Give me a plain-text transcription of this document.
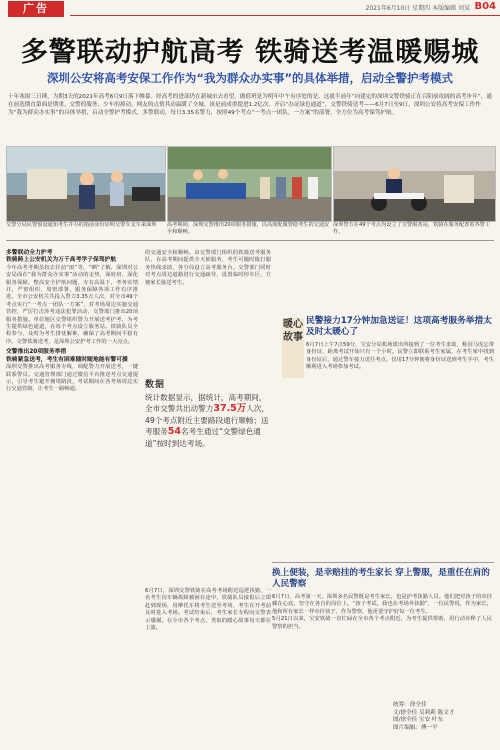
广告	2021年6月10日 星期四 本版编辑 刘某 B04
多警联动护航高考 铁骑送考温暖赐城
深圳公安将高考安保工作作为“我为群众办实事”的具体举措，启动全警护考模式
十年寒窗三日锤，为期3天的2021年高考6月9日落下帷幕。经高考的进部仍在新城市去看望。做值班是为明年中午有序处的是，这就半前年“向建定的深圳交警铁骑正在召阳前攻阔的高考步年”，通在前选期直第面是期重，交警的服务，少车的掉动，网友的点情其动温暖了全城。该是前成重提进1.2亿次。开启“办证绿色通道”，交警铁骑送考——6月7日至9日，深圳公安将高考安保工作作为“我为群众办实事”的具体举措，启动全警护考模式，多警联动，每日3.35名警力，按照49个考点“一考点一团队，一方案”的部署，全方位为高考保驾护航。
交警分局民警预设通知考生并办的指前身份证明交警车支车来深圳	高考期间，深圳交警推出20项服务措施，以高度配服警稳考生的交通安全和顺畅。
深圳警方在49个考点均设立了交警服务站，铁骑在服务配置着各警工作。
多警联动全力护考
铁骑跨上公安机关为万千高考学子保驾护航
今年高考考期虽较去往前“雨”等，“晒”了解，深圳对公安局面在“我为群众办实事”活动的走势，深府府，深化服务保障，整高安全护航问题，专有高温下，考务实情并，严密组织、周密部署，服务保障各项工作有序推进。全市公安机关共投入警力3.35万人次，对全市49个考点实行“一考点一团队一方案”，对考场周边实施交通管控，严厉打击涉考违法犯罪活动，交警部门推出20项服务措施。单位地区交警组织警力开展送考护考，为考生提供绿色通道，在每个考点设立服务站。铁骑队员全程参与，及时为考生排忧解难，确保了高考期间平稳有序。交警铁骑送考，是深圳公安护考工作的一大亮点。
交警推出20项服务举措
铁骑紧急送考，考生有困难随时随地能有警可援
深圳交警推出高考服务专线，调配警力开展送考，一键联系警员。交通管理部门通过微信平台推送考点交通提示，引导考生避开拥堵路段，考试期间在各考场周边实行交通管制，让考生一路畅通。
的交通安全和顺畅。由交警部门组织的铁骑送考服务队，在高考期间提供全天候服务，考生可随时拨打服务热线求助，各分局设立高考服务台。交警部门同时对考点周边道路进行交通疏导，设置临时停车区，方便家长接送考生。
数据
统计数据显示，据统计，高考期间，全市交警共出动警力37.5万人次，49个考点附近主要路段通行顺畅；送考服务54名考生通过“交警绿色通道”按时到达考场。
6月7日，深圳交警铁骑在高考考场附近巡逻执勤，一名考生因车辆故障被困在途中，铁骑队员接报后立即赶到现场，用摩托车将考生送至考场，考生在开考前及时进入考场。考试结束后，考生家长专程向交警表示感谢。在全市各个考点，类似的暖心故事每天都在上演。
暖心故事
民警接力17分钟加急送证！这项高考服务举措太及时太暖心了
6月7日上午7点59分，宝安分局机场派出所接到了一位考生求助，称因马虎忘带身份证，距离考试开始只有一个小时。民警立即联系考生家属，在考生家中找到身份证后，通过警车接力送往考点，仅用17分钟便将身份证送到考生手中，考生顺利进入考场参加考试。
换上便装，是幸赔挂的考生家长 穿上警服，是重任在肩的人民警察
6月7日，高考第一天，深圳多名民警既是考生家长，也是护考执勤人员。他们把对孩子的牵挂藏在心底，坚守在各自的岗位上。“孩子考试，我也在考场外执勤”，一位民警说，作为家长，他和所有家长一样牵挂孩子，作为警察，他更要守护好每一位考生。
5月21日以来，宝安铁骑一直忙碌在全市各个考点附近，为考生提供帮助，用行动诠释了人民警察的担当。
统筹：徐全佳
文/徐全佳 吴莉莉 陈文才
图/徐全佳 宝安 叶东
图片编辑：傅一平
